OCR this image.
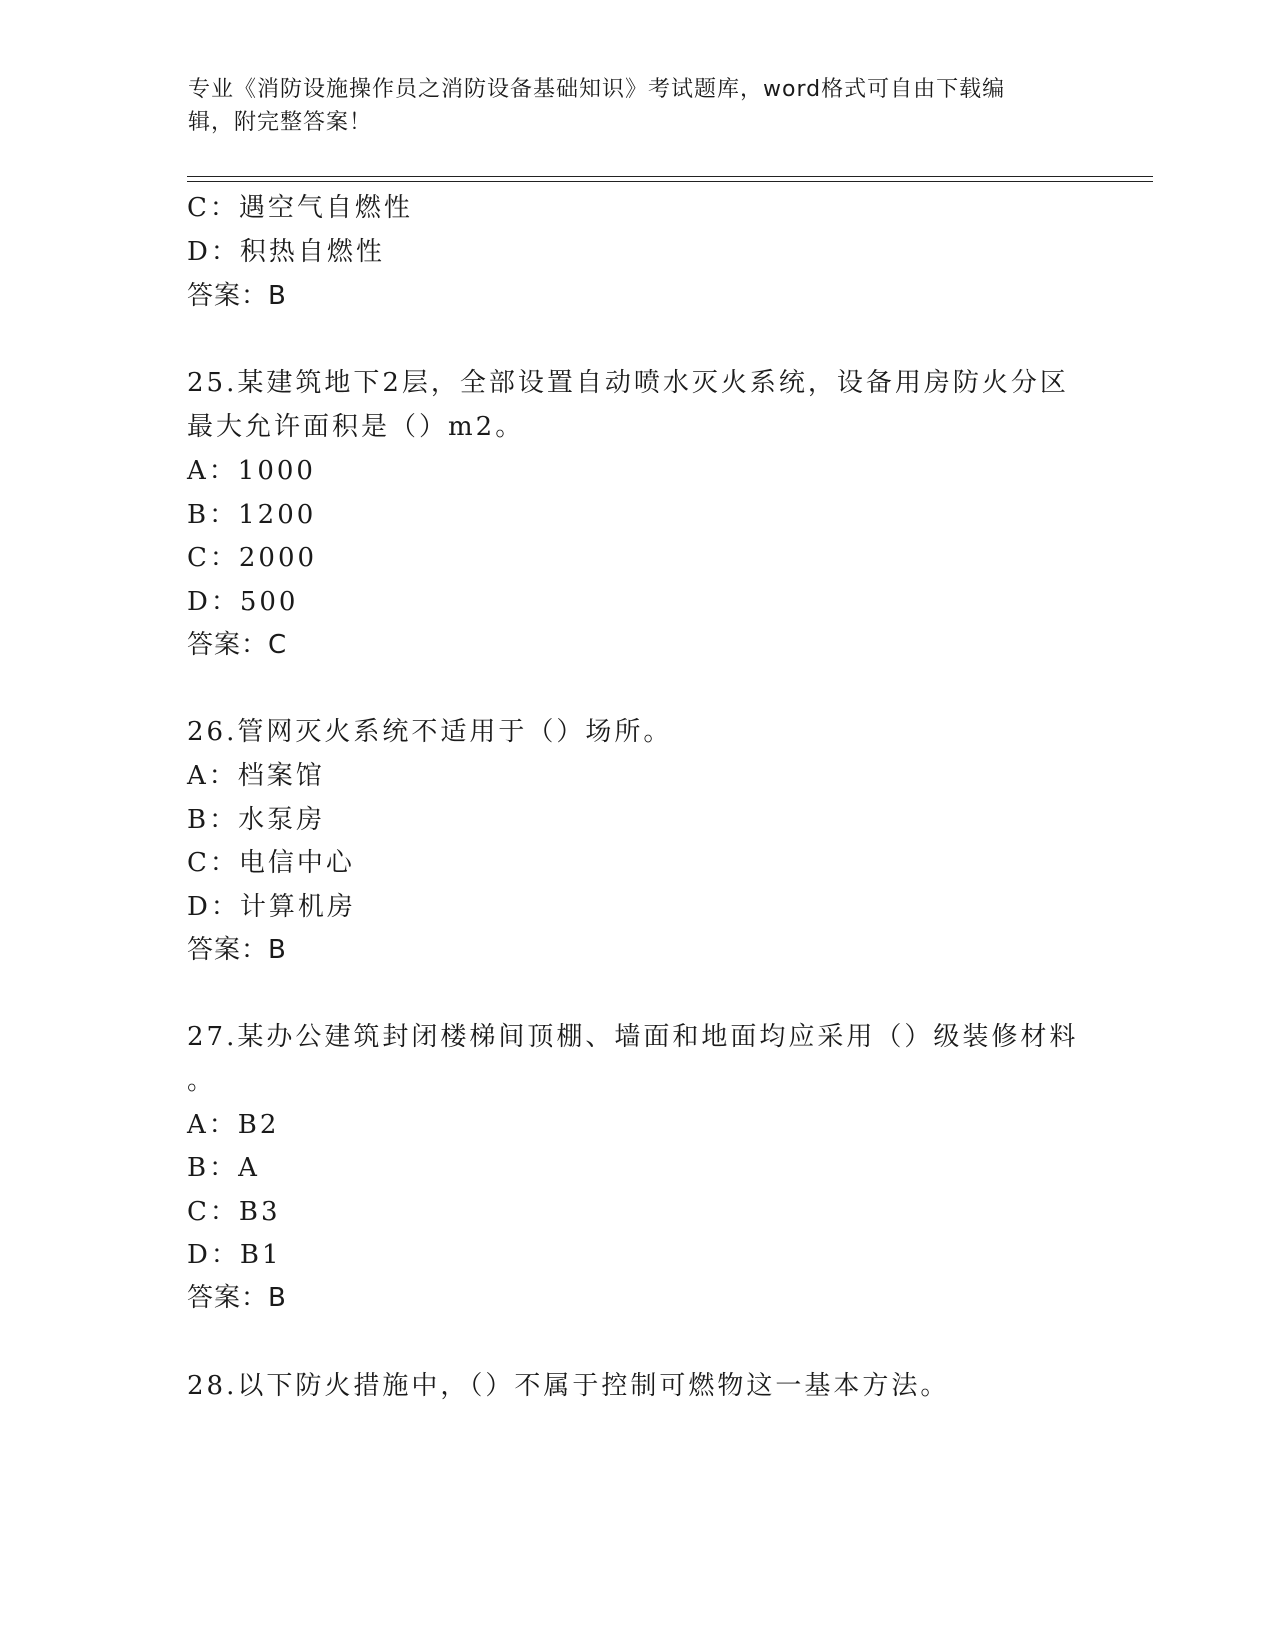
专业《消防设施操作员之消防设备基础知识》考试题库，word格式可自由下载编
辑，附完整答案！
C：遇空气自燃性
D：积热自燃性
答案：B
25.某建筑地下2层，全部设置自动喷水灭火系统，设备用房防火分区
最大允许面积是（）m2。
A：1000
B：1200
C：2000
D：500
答案：C
26.管网灭火系统不适用于（）场所。
A：档案馆
B：水泵房
C：电信中心
D：计算机房
答案：B
27.某办公建筑封闭楼梯间顶棚、墙面和地面均应采用（）级装修材料
。
A：B2
B：A
C：B3
D：B1
答案：B
28.以下防火措施中，（）不属于控制可燃物这一基本方法。
